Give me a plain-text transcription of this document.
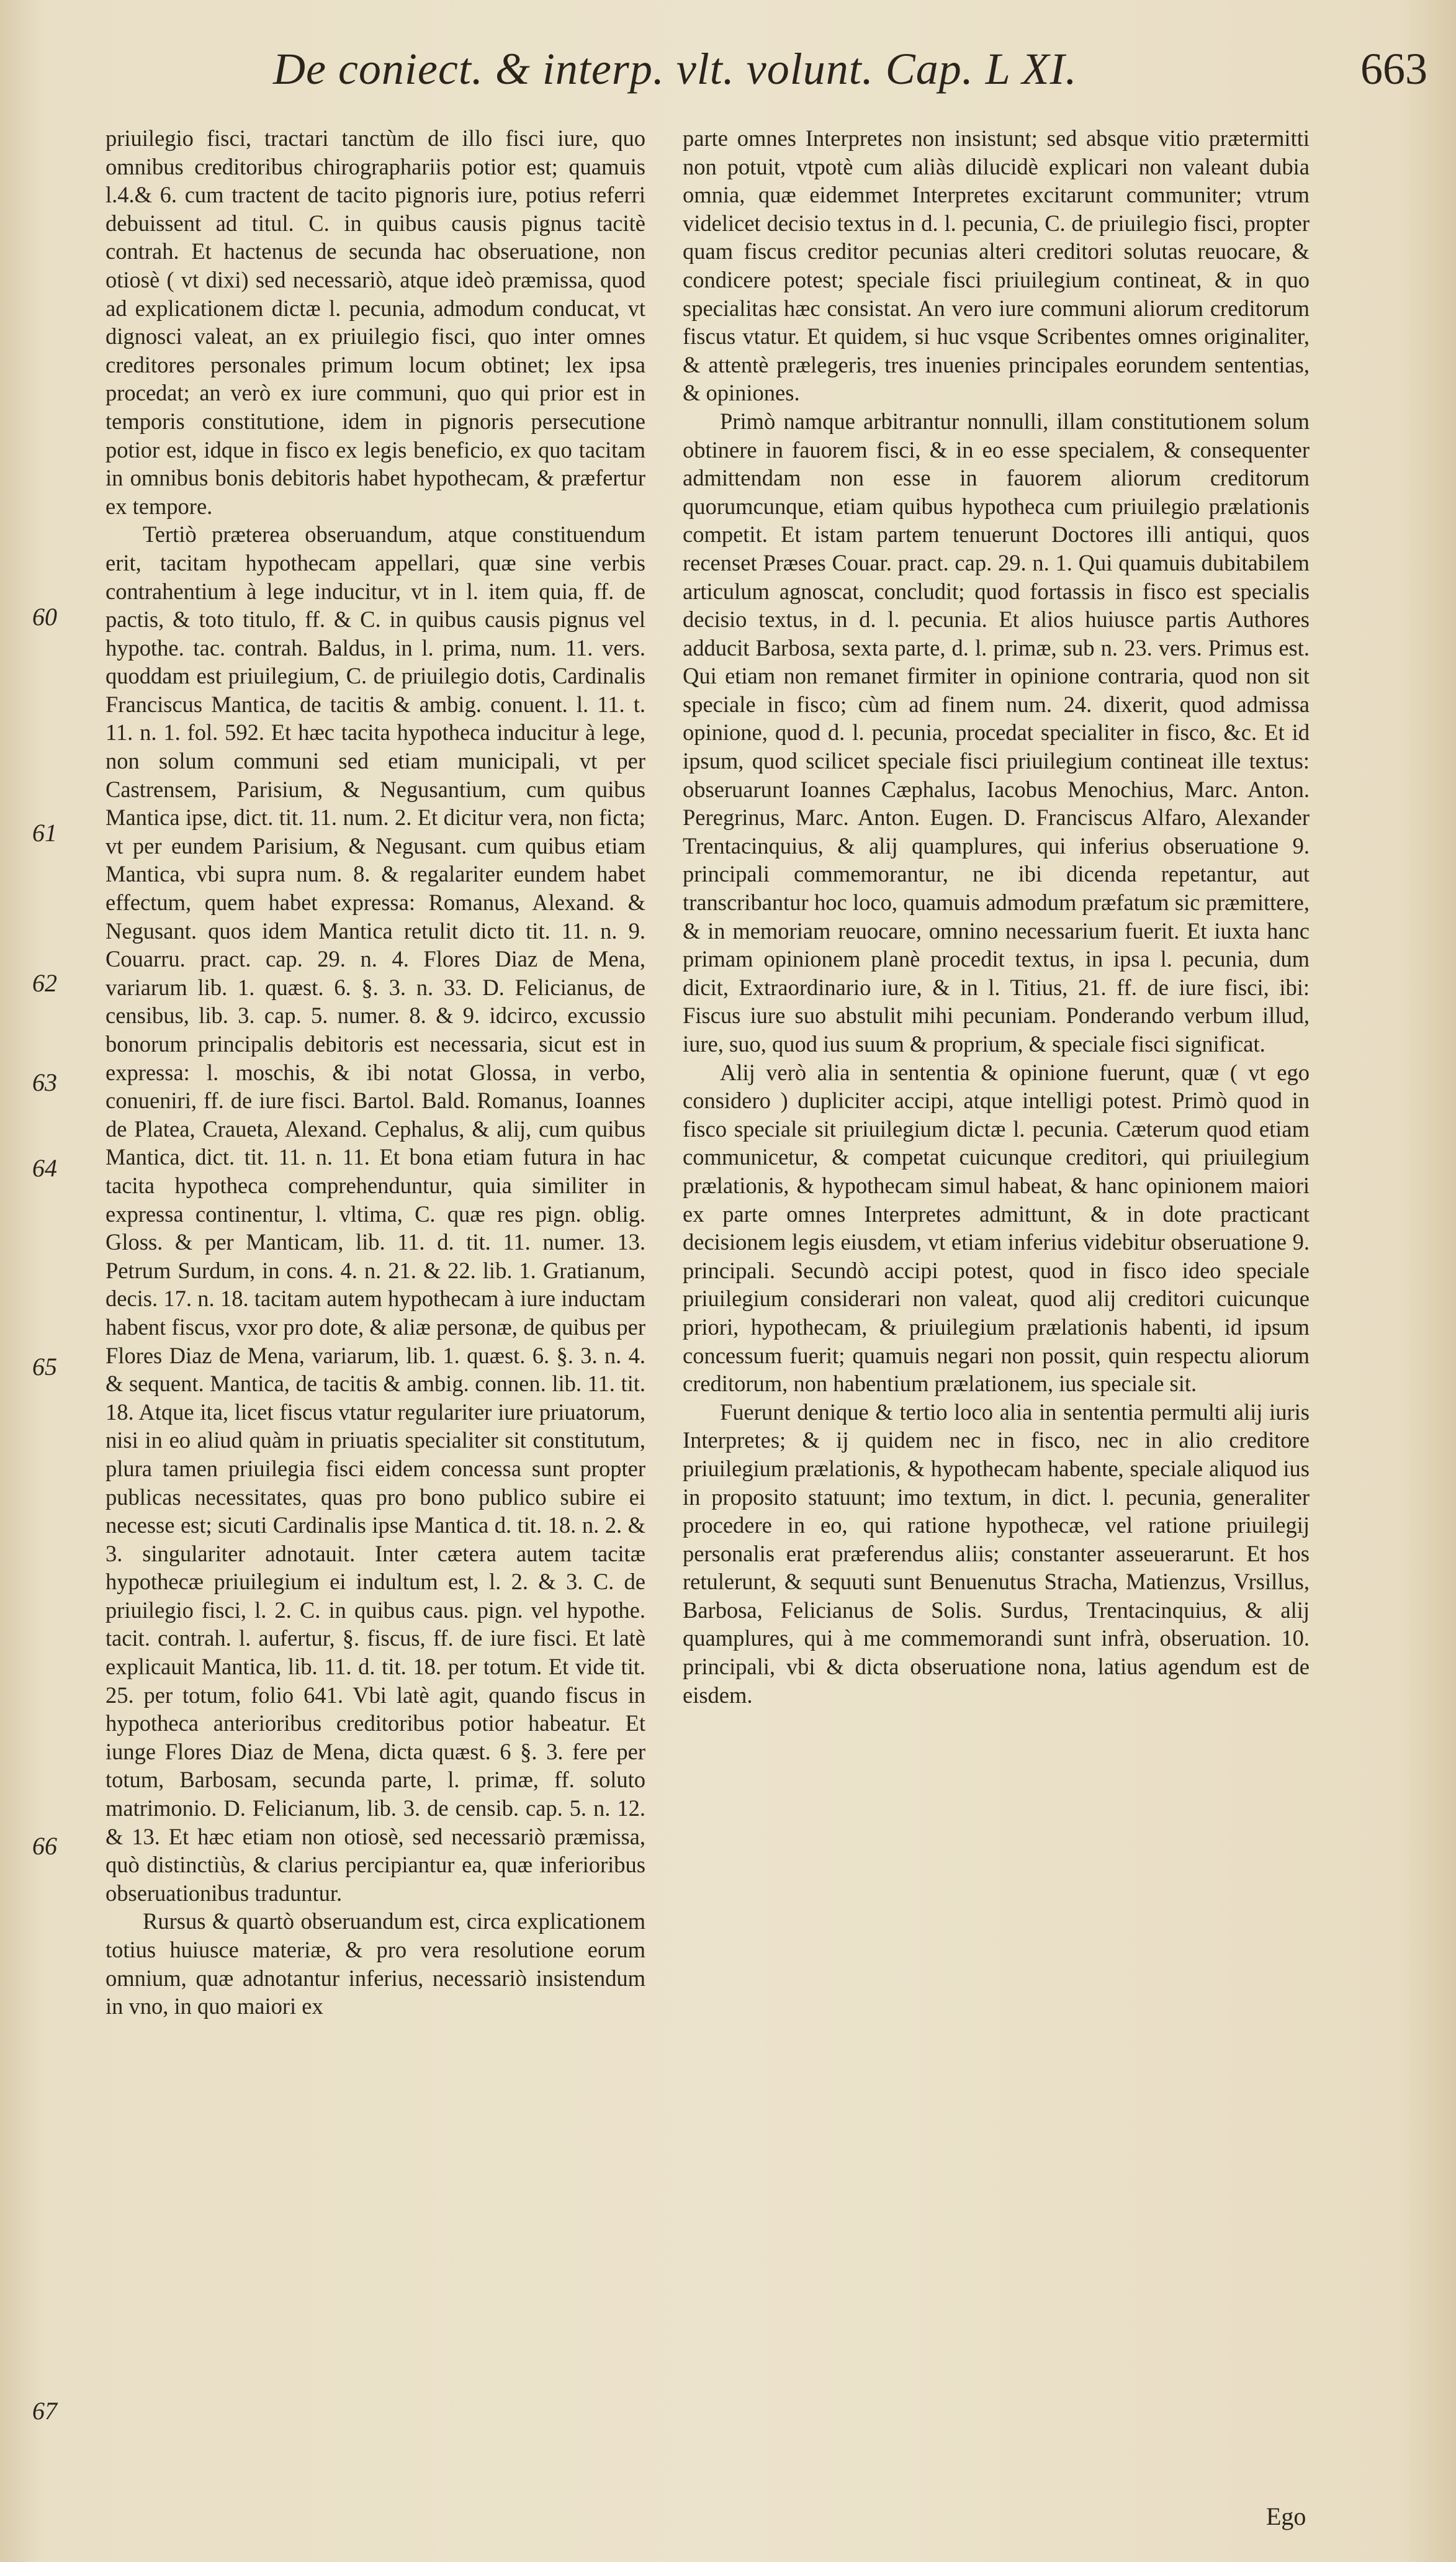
De coniect. & interp. vlt. volunt. Cap. L XI.	663

priuilegio fisci, tractari tanctùm de illo fisci iure, quo omnibus creditoribus chirographariis potior est; quamuis l.4.& 6. cum tractent de tacito pignoris iure, potius referri debuissent ad titul. C. in quibus causis pignus tacitè contrah. Et hactenus de secunda hac obseruatione, non otiosè ( vt dixi) sed necessariò, atque ideò præmissa, quod ad explicationem dictæ l. pecunia, admodum conducat, vt dignosci valeat, an ex priuilegio fisci, quo inter omnes creditores personales primum locum obtinet; lex ipsa procedat; an verò ex iure communi, quo qui prior est in temporis constitutione, idem in pignoris persecutione potior est, idque in fisco ex legis beneficio, ex quo tacitam in omnibus bonis debitoris habet hypothecam, & præfertur ex tempore.

Tertiò præterea obseruandum, atque constituendum erit, tacitam hypothecam appellari, quæ sine verbis contrahentium à lege inducitur, vt in l. item quia, ff. de pactis, & toto titulo, ff. & C. in quibus causis pignus vel hypothe. tac. contrah. Baldus, in l. prima, num. 11. vers. quoddam est priuilegium, C. de priuilegio dotis, Cardinalis Franciscus Mantica, de tacitis & ambig. conuent. l. 11. t. 11. n. 1. fol. 592. Et hæc tacita hypotheca inducitur à lege, non solum communi sed etiam municipali, vt per Castrensem, Parisium, & Negusantium, cum quibus Mantica ipse, dict. tit. 11. num. 2. Et dicitur vera, non ficta; vt per eundem Parisium, & Negusant. cum quibus etiam Mantica, vbi supra num. 8. & regalariter eundem habet effectum, quem habet expressa: Romanus, Alexand. & Negusant. quos idem Mantica retulit dicto tit. 11. n. 9. Couarru. pract. cap. 29. n. 4. Flores Diaz de Mena, variarum lib. 1. quæst. 6. §. 3. n. 33. D. Felicianus, de censibus, lib. 3. cap. 5. numer. 8. & 9. idcirco, excussio bonorum principalis debitoris est necessaria, sicut est in expressa: l. moschis, & ibi notat Glossa, in verbo, conueniri, ff. de iure fisci. Bartol. Bald. Romanus, Ioannes de Platea, Craueta, Alexand. Cephalus, & alij, cum quibus Mantica, dict. tit. 11. n. 11. Et bona etiam futura in hac tacita hypotheca comprehenduntur, quia similiter in expressa continentur, l. vltima, C. quæ res pign. oblig. Gloss. & per Manticam, lib. 11. d. tit. 11. numer. 13. Petrum Surdum, in cons. 4. n. 21. & 22. lib. 1. Gratianum, decis. 17. n. 18. tacitam autem hypothecam à iure inductam habent fiscus, vxor pro dote, & aliæ personæ, de quibus per Flores Diaz de Mena, variarum, lib. 1. quæst. 6. §. 3. n. 4. & sequent. Mantica, de tacitis & ambig. connen. lib. 11. tit. 18. Atque ita, licet fiscus vtatur regulariter iure priuatorum, nisi in eo aliud quàm in priuatis specialiter sit constitutum, plura tamen priuilegia fisci eidem concessa sunt propter publicas necessitates, quas pro bono publico subire ei necesse est; sicuti Cardinalis ipse Mantica d. tit. 18. n. 2. & 3. singulariter adnotauit. Inter cætera autem tacitæ hypothecæ priuilegium ei indultum est, l. 2. & 3. C. de priuilegio fisci, l. 2. C. in quibus caus. pign. vel hypothe. tacit. contrah. l. aufertur, §. fiscus, ff. de iure fisci. Et latè explicauit Mantica, lib. 11. d. tit. 18. per totum. Et vide tit. 25. per totum, folio 641. Vbi latè agit, quando fiscus in hypotheca anterioribus creditoribus potior habeatur. Et iunge Flores Diaz de Mena, dicta quæst. 6 §. 3. fere per totum, Barbosam, secunda parte, l. primæ, ff. soluto matrimonio. D. Felicianum, lib. 3. de censib. cap. 5. n. 12. & 13. Et hæc etiam non otiosè, sed necessariò præmissa, quò distinctiùs, & clarius percipiantur ea, quæ inferioribus obseruationibus traduntur.

Rursus & quartò obseruandum est, circa explicationem totius huiusce materiæ, & pro vera resolutione eorum omnium, quæ adnotantur inferius, necessariò insistendum in vno, in quo maiori ex

parte omnes Interpretes non insistunt; sed absque vitio prætermitti non potuit, vtpotè cum aliàs dilucidè explicari non valeant dubia omnia, quæ eidemmet Interpretes excitarunt communiter; vtrum videlicet decisio textus in d. l. pecunia, C. de priuilegio fisci, propter quam fiscus creditor pecunias alteri creditori solutas reuocare, & condicere potest; speciale fisci priuilegium contineat, & in quo specialitas hæc consistat. An vero iure communi aliorum creditorum fiscus vtatur. Et quidem, si huc vsque Scribentes omnes originaliter, & attentè prælegeris, tres inuenies principales eorundem sententias, & opiniones.

Primò namque arbitrantur nonnulli, illam constitutionem solum obtinere in fauorem fisci, & in eo esse specialem, & consequenter admittendam non esse in fauorem aliorum creditorum quorumcunque, etiam quibus hypotheca cum priuilegio prælationis competit. Et istam partem tenuerunt Doctores illi antiqui, quos recenset Præses Couar. pract. cap. 29. n. 1. Qui quamuis dubitabilem articulum agnoscat, concludit; quod fortassis in fisco est specialis decisio textus, in d. l. pecunia. Et alios huiusce partis Authores adducit Barbosa, sexta parte, d. l. primæ, sub n. 23. vers. Primus est. Qui etiam non remanet firmiter in opinione contraria, quod non sit speciale in fisco; cùm ad finem num. 24. dixerit, quod admissa opinione, quod d. l. pecunia, procedat specialiter in fisco, &c. Et id ipsum, quod scilicet speciale fisci priuilegium contineat ille textus: obseruarunt Ioannes Cæphalus, Iacobus Menochius, Marc. Anton. Peregrinus, Marc. Anton. Eugen. D. Franciscus Alfaro, Alexander Trentacinquius, & alij quamplures, qui inferius obseruatione 9. principali commemorantur, ne ibi dicenda repetantur, aut transcribantur hoc loco, quamuis admodum præfatum sic præmittere, & in memoriam reuocare, omnino necessarium fuerit. Et iuxta hanc primam opinionem planè procedit textus, in ipsa l. pecunia, dum dicit, Extraordinario iure, & in l. Titius, 21. ff. de iure fisci, ibi: Fiscus iure suo abstulit mihi pecuniam. Ponderando verbum illud, iure, suo, quod ius suum & proprium, & speciale fisci significat.

Alij verò alia in sententia & opinione fuerunt, quæ ( vt ego considero ) dupliciter accipi, atque intelligi potest. Primò quod in fisco speciale sit priuilegium dictæ l. pecunia. Cæterum quod etiam communicetur, & competat cuicunque creditori, qui priuilegium prælationis, & hypothecam simul habeat, & hanc opinionem maiori ex parte omnes Interpretes admittunt, & in dote practicant decisionem legis eiusdem, vt etiam inferius videbitur obseruatione 9. principali. Secundò accipi potest, quod in fisco ideo speciale priuilegium considerari non valeat, quod alij creditori cuicunque priori, hypothecam, & priuilegium prælationis habenti, id ipsum concessum fuerit; quamuis negari non possit, quin respectu aliorum creditorum, non habentium prælationem, ius speciale sit.

Fuerunt denique & tertio loco alia in sententia permulti alij iuris Interpretes; & ij quidem nec in fisco, nec in alio creditore priuilegium prælationis, & hypothecam habente, speciale aliquod ius in proposito statuunt; imo textum, in dict. l. pecunia, generaliter procedere in eo, qui ratione hypothecæ, vel ratione priuilegij personalis erat præferendus aliis; constanter asseuerarunt. Et hos retulerunt, & sequuti sunt Benuenutus Stracha, Matienzus, Vrsillus, Barbosa, Felicianus de Solis. Surdus, Trentacinquius, & alij quamplures, qui à me commemorandi sunt infrà, obseruation. 10. principali, vbi & dicta obseruatione nona, latius agendum est de eisdem.

60
61
62
63
64
65
66
67
Ego
